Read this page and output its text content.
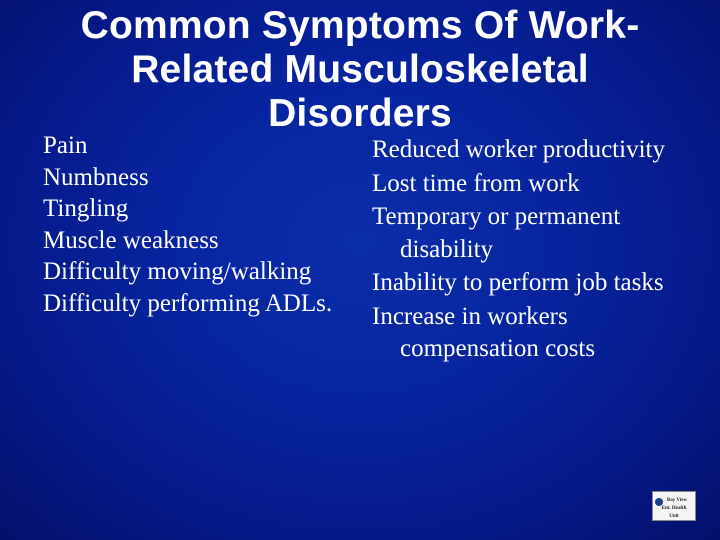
Common Symptoms Of Work-Related Musculoskeletal Disorders
Pain
Numbness
Tingling
Muscle weakness
Difficulty moving/walking
Difficulty performing ADLs.
Reduced worker productivity
Lost time from work
Temporary or permanent disability
Inability to perform job tasks
Increase in workers compensation costs
Bay View
Ent. Health
Unit
